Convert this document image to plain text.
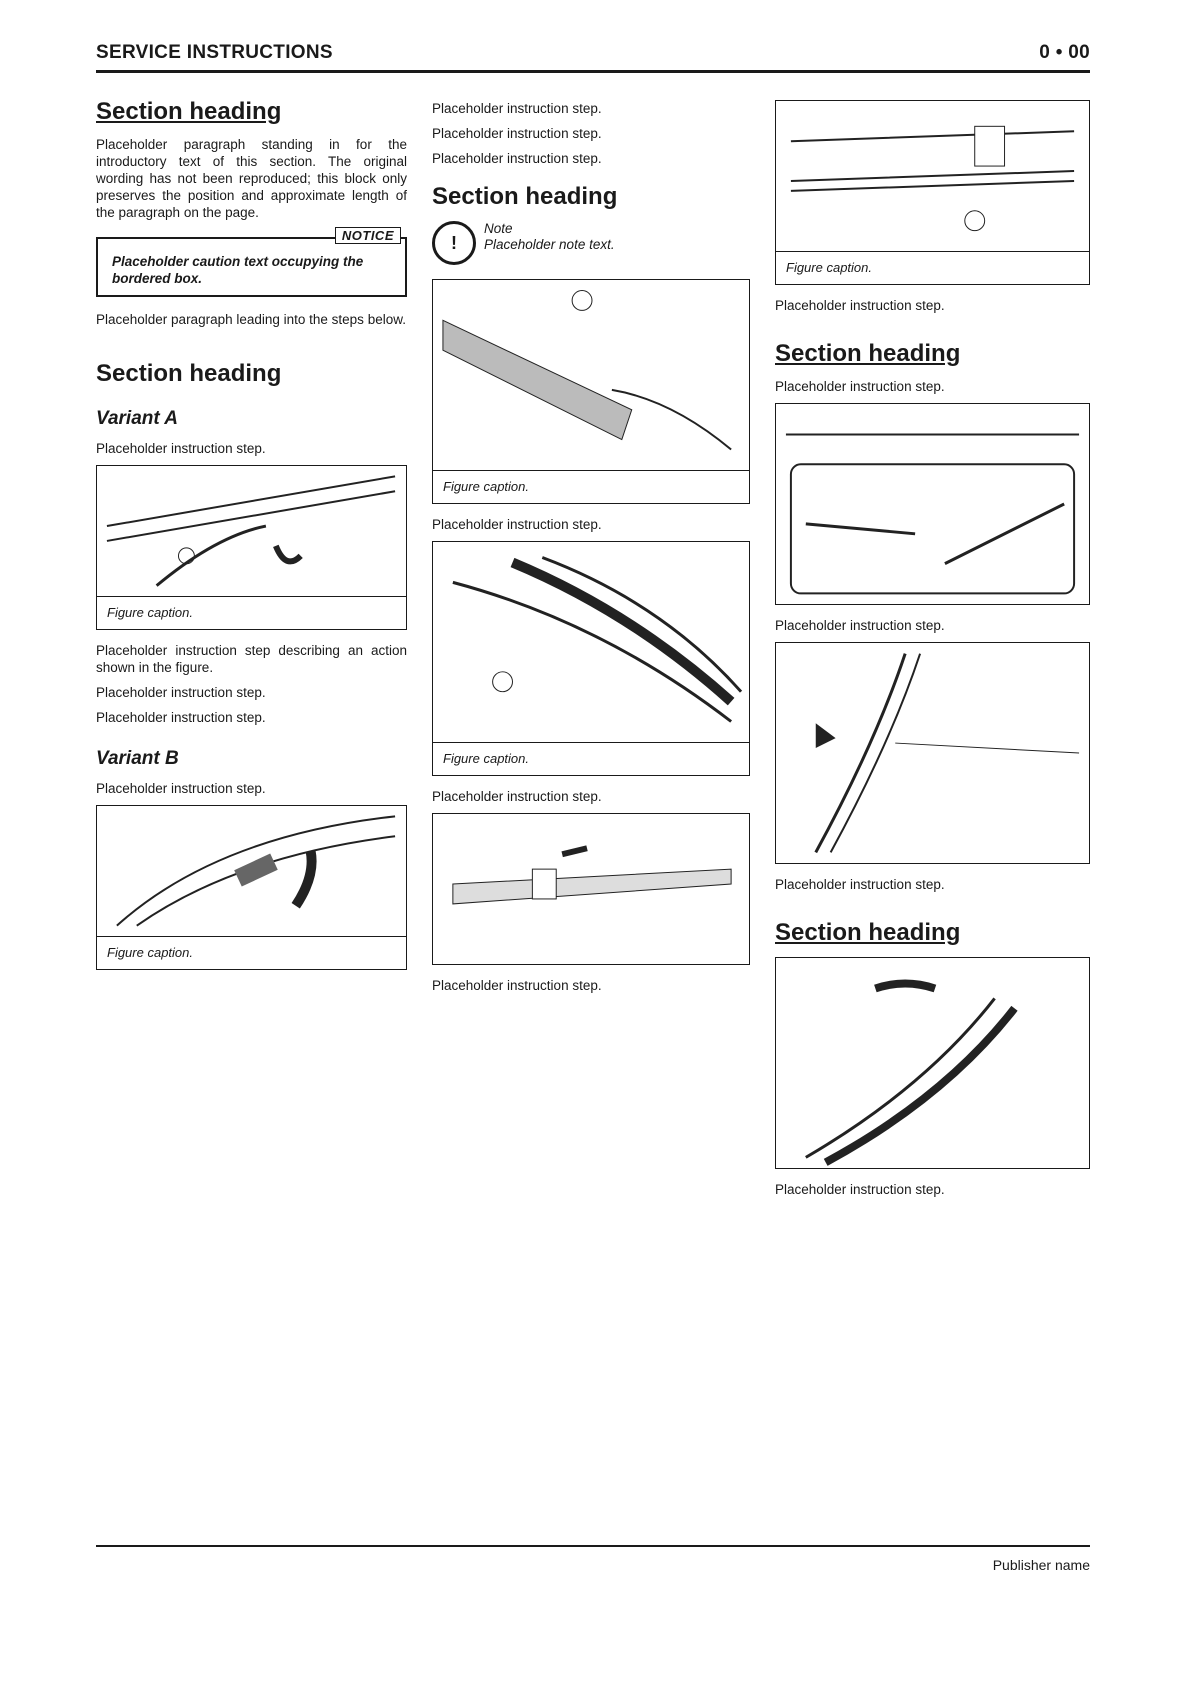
SERVICE INSTRUCTIONS	0 • 00
Section heading

Placeholder paragraph standing in for the introductory text of this section. The original wording has not been reproduced; this block only preserves the position and approximate length of the paragraph on the page.

NOTICE

Placeholder caution text occupying the bordered box.

Placeholder paragraph leading into the steps below.

Section heading
Variant A

Placeholder instruction step.

Figure caption.

Placeholder instruction step describing an action shown in the figure.

Placeholder instruction step.

Placeholder instruction step.

Variant B

Placeholder instruction step.

Figure caption.

Placeholder instruction step.

Placeholder instruction step.

Placeholder instruction step.

Section heading
!
Note

Placeholder note text.

Figure caption.

Placeholder instruction step.

Figure caption.

Placeholder instruction step.

Placeholder instruction step.

Figure caption.

Placeholder instruction step.

Section heading

Placeholder instruction step.

Placeholder instruction step.

Placeholder instruction step.

Section heading

Placeholder instruction step.

Publisher name
